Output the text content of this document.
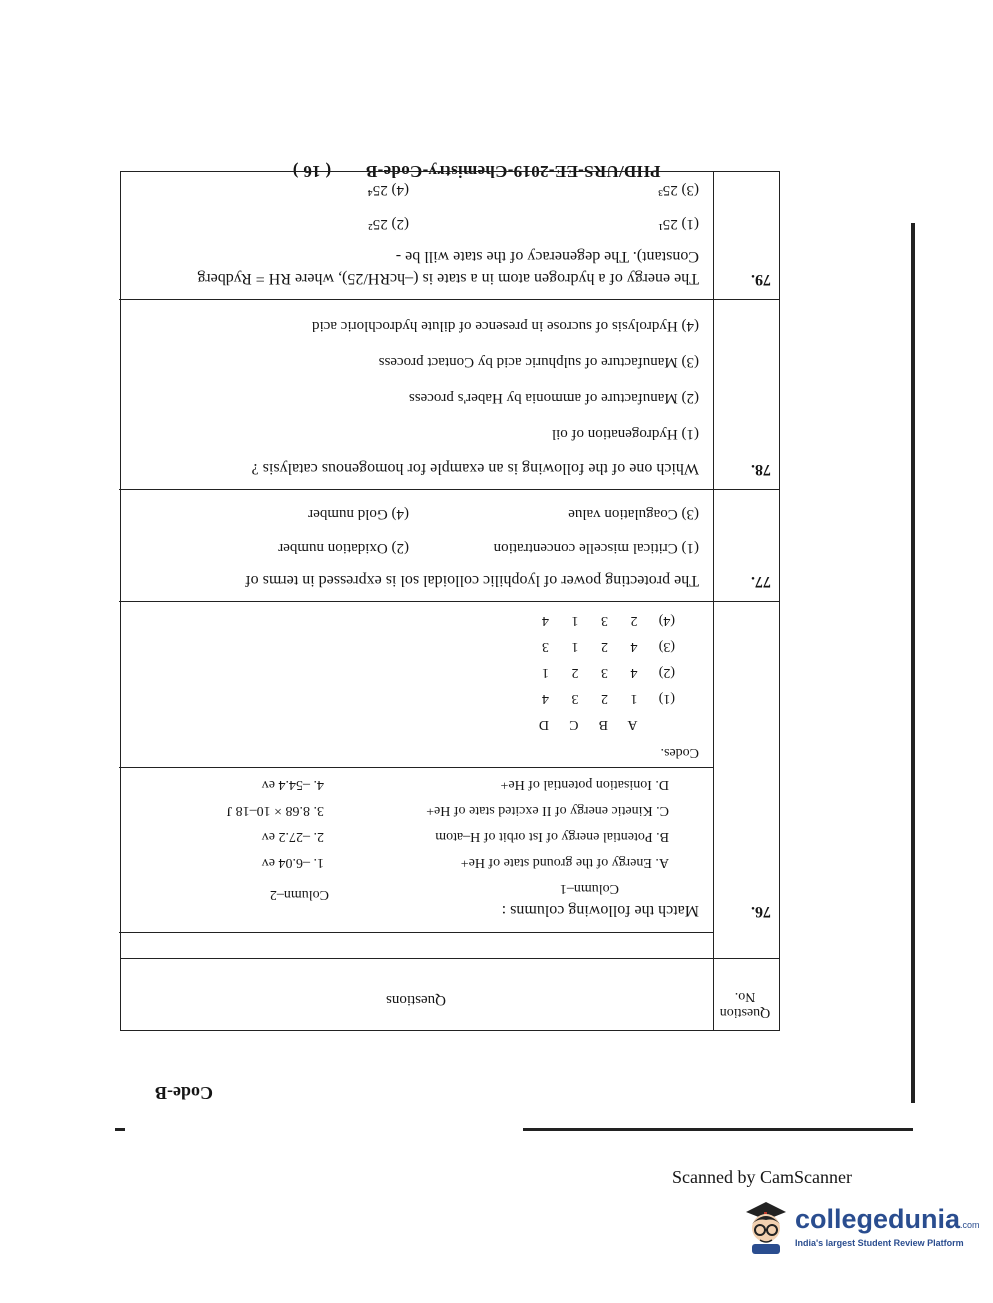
PHD/URS-EE-2019-Chemistry-Code-B ( 16 )
Question No.
Questions
76.
Match the following columns :
Column–1
Column–2
A. Energy of the ground state of He+
B. Potential energy of Ist orbit of H–atom
C. Kinetic energy of II excited state of He+
D. Ionisation potential of He+
1. –6.04 ev
2. –27.2 ev
3. 8.68 × 10–18 J
4. –54.4 ev
Codes.
A B C D
(1) 1 2 3 4
(2) 4 3 2 1
(3) 4 2 1 3
(4) 2 3 1 4
77.
The protecting power of lyophilic colloidal sol is expressed in terms of
(1) Critical miscelle concentration
(2) Oxidation number
(3) Coagulation value
(4) Gold number
78.
Which one of the following is an example for homogenous catalysis ?
(1) Hydrogenation of oil
(2) Manufacture of ammonia by Haber's process
(3) Manufacture of sulphuric acid by Contact process
(4) Hydrolysis of sucrose in presence of dilute hydrochloric acid
79.
The energy of a hydrogen atom in a state is (–hcRH/25), where RH = Rydberg
Constant). The degeneracy of the state will be -
(1) 25¹
(2) 25²
(3) 25³
(4) 25⁴
Code-B
Scanned by CamScanner
collegedunia.com
India's largest Student Review Platform
